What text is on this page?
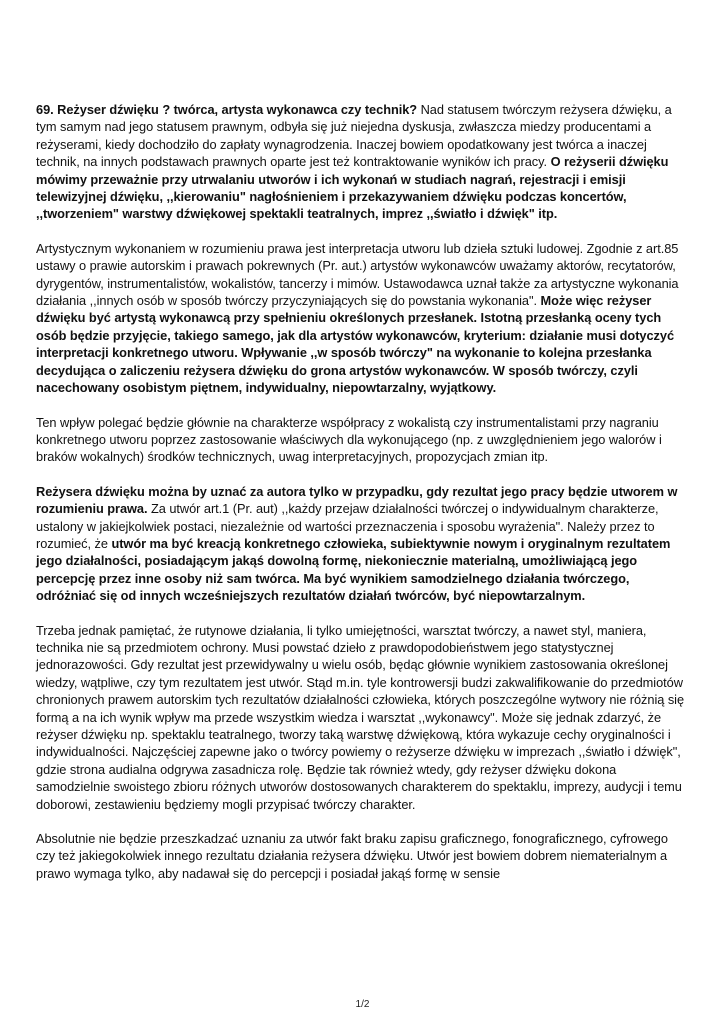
69. Reżyser dźwięku ? twórca, artysta wykonawca czy technik? Nad statusem twórczym reżysera dźwięku, a tym samym nad jego statusem prawnym, odbyła się już niejedna dyskusja, zwłaszcza miedzy producentami a reżyserami, kiedy dochodziło do zapłaty wynagrodzenia. Inaczej bowiem opodatkowany jest twórca a inaczej technik, na innych podstawach prawnych oparte jest też kontraktowanie wyników ich pracy. O reżyserii dźwięku mówimy przeważnie przy utrwalaniu utworów i ich wykonań w studiach nagrań, rejestracji i emisji telewizyjnej dźwięku, ,,kierowaniu" nagłośnieniem i przekazywaniem dźwięku podczas koncertów, ,,tworzeniem" warstwy dźwiękowej spektakli teatralnych, imprez ,,światło i dźwięk" itp.

Artystycznym wykonaniem w rozumieniu prawa jest interpretacja utworu lub dzieła sztuki ludowej. Zgodnie z art.85 ustawy o prawie autorskim i prawach pokrewnych (Pr. aut.) artystów wykonawców uważamy aktorów, recytatorów, dyrygentów, instrumentalistów, wokalistów, tancerzy i mimów. Ustawodawca uznał także za artystyczne wykonania działania ,,innych osób w sposób twórczy przyczyniających się do powstania wykonania". Może więc reżyser dźwięku być artystą wykonawcą przy spełnieniu określonych przesłanek. Istotną przesłanką oceny tych osób będzie przyjęcie, takiego samego, jak dla artystów wykonawców, kryterium: działanie musi dotyczyć interpretacji konkretnego utworu. Wpływanie ,,w sposób twórczy" na wykonanie to kolejna przesłanka decydująca o zaliczeniu reżysera dźwięku do grona artystów wykonawców. W sposób twórczy, czyli nacechowany osobistym piętnem, indywidualny, niepowtarzalny, wyjątkowy.

Ten wpływ polegać będzie głównie na charakterze współpracy z wokalistą czy instrumentalistami przy nagraniu konkretnego utworu poprzez zastosowanie właściwych dla wykonującego (np. z uwzględnieniem jego walorów i braków wokalnych) środków technicznych, uwag interpretacyjnych, propozycjach zmian itp.

Reżysera dźwięku można by uznać za autora tylko w przypadku, gdy rezultat jego pracy będzie utworem w rozumieniu prawa. Za utwór art.1 (Pr. aut) ,,każdy przejaw działalności twórczej o indywidualnym charakterze, ustalony w jakiejkolwiek postaci, niezależnie od wartości przeznaczenia i sposobu wyrażenia". Należy przez to rozumieć, że utwór ma być kreacją konkretnego człowieka, subiektywnie nowym i oryginalnym rezultatem jego działalności, posiadającym jakąś dowolną formę, niekoniecznie materialną, umożliwiającą jego percepcję przez inne osoby niż sam twórca. Ma być wynikiem samodzielnego działania twórczego, odróżniać się od innych wcześniejszych rezultatów działań twórców, być niepowtarzalnym.

Trzeba jednak pamiętać, że rutynowe działania, li tylko umiejętności, warsztat twórczy, a nawet styl, maniera, technika nie są przedmiotem ochrony. Musi powstać dzieło z prawdopodobieństwem jego statystycznej jednorazowości. Gdy rezultat jest przewidywalny u wielu osób, będąc głównie wynikiem zastosowania określonej wiedzy, wątpliwe, czy tym rezultatem jest utwór. Stąd m.in. tyle kontrowersji budzi zakwalifikowanie do przedmiotów chronionych prawem autorskim tych rezultatów działalności człowieka, których poszczególne wytwory nie różnią się formą a na ich wynik wpływ ma przede wszystkim wiedza i warsztat ,,wykonawcy". Może się jednak zdarzyć, że reżyser dźwięku np. spektaklu teatralnego, tworzy taką warstwę dźwiękową, która wykazuje cechy oryginalności i indywidualności. Najczęściej zapewne jako o twórcy powiemy o reżyserze dźwięku w imprezach ,,światło i dźwięk", gdzie strona audialna odgrywa zasadnicza rolę. Będzie tak również wtedy, gdy reżyser dźwięku dokona samodzielnie swoistego zbioru różnych utworów dostosowanych charakterem do spektaklu, imprezy, audycji i temu doborowi, zestawieniu będziemy mogli przypisać twórczy charakter.

Absolutnie nie będzie przeszkadzać uznaniu za utwór fakt braku zapisu graficznego, fonograficznego, cyfrowego czy też jakiegokolwiek innego rezultatu działania reżysera dźwięku. Utwór jest bowiem dobrem niematerialnym a prawo wymaga tylko, aby nadawał się do percepcji i posiadał jakąś formę w sensie

1/2
